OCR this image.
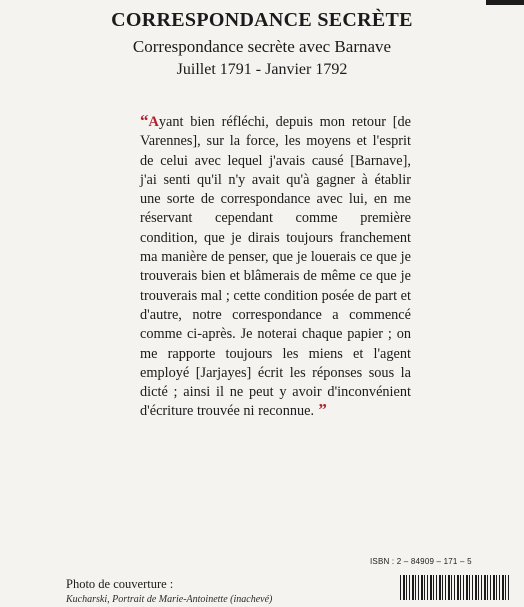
CORRESPONDANCE SECRÈTE
Correspondance secrète avec Barnave
Juillet 1791 - Janvier 1792
“Ayant bien réfléchi, depuis mon retour [de Varennes], sur la force, les moyens et l'esprit de celui avec lequel j'avais causé [Barnave], j'ai senti qu'il n'y avait qu'à gagner à établir une sorte de correspondance avec lui, en me réservant cependant comme première condition, que je dirais toujours franchement ma manière de penser, que je louerais ce que je trouverais bien et blâmerais de même ce que je trouverais mal ; cette condition posée de part et d'autre, notre correspondance a commencé comme ci-après. Je noterai chaque papier ; on me rapporte toujours les miens et l'agent employé [Jarjayes] écrit les réponses sous la dicté ; ainsi il ne peut y avoir d'inconvénient d'écriture trouvée ni reconnue. ”
ISBN : 2 – 84909 – 171 – 5
Photo de couverture :
Kucharski, Portrait de Marie-Antoinette (inachevé)
